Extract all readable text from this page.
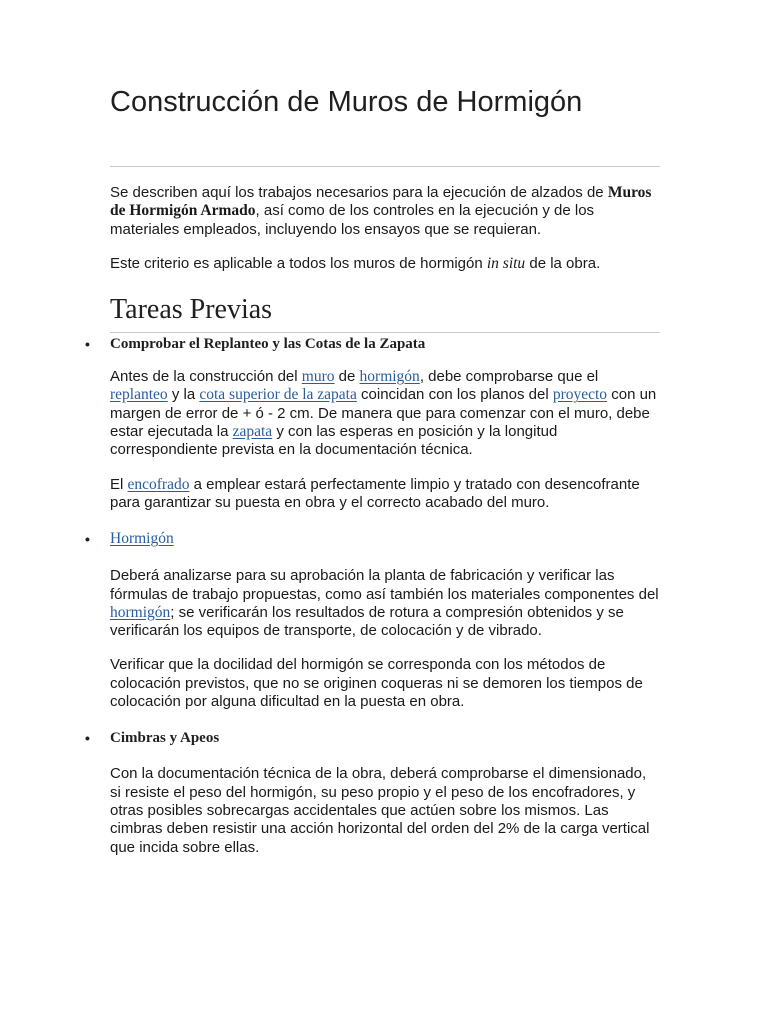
Construcción de Muros de Hormigón

Se describen aquí los trabajos necesarios para la ejecución de alzados de Muros de Hormigón Armado, así como de los controles en la ejecución y de los materiales empleados, incluyendo los ensayos que se requieran.

Este criterio es aplicable a todos los muros de hormigón in situ de la obra.

Tareas Previas
• Comprobar el Replanteo y las Cotas de la Zapata

Antes de la construcción del muro de hormigón, debe comprobarse que el replanteo y la cota superior de la zapata coincidan con los planos del proyecto con un margen de error de + ó - 2 cm. De manera que para comenzar con el muro, debe estar ejecutada la zapata y con las esperas en posición y la longitud correspondiente prevista en la documentación técnica.

El encofrado a emplear estará perfectamente limpio y tratado con desencofrante para garantizar su puesta en obra y el correcto acabado del muro.

• Hormigón

Deberá analizarse para su aprobación la planta de fabricación y verificar las fórmulas de trabajo propuestas, como así también los materiales componentes del hormigón; se verificarán los resultados de rotura a compresión obtenidos y se verificarán los equipos de transporte, de colocación y de vibrado.

Verificar que la docilidad del hormigón se corresponda con los métodos de colocación previstos, que no se originen coqueras ni se demoren los tiempos de colocación por alguna dificultad en la puesta en obra.

• Cimbras y Apeos

Con la documentación técnica de la obra, deberá comprobarse el dimensionado, si resiste el peso del hormigón, su peso propio y el peso de los encofradores, y otras posibles sobrecargas accidentales que actúen sobre los mismos. Las cimbras deben resistir una acción horizontal del orden del 2% de la carga vertical que incida sobre ellas.
